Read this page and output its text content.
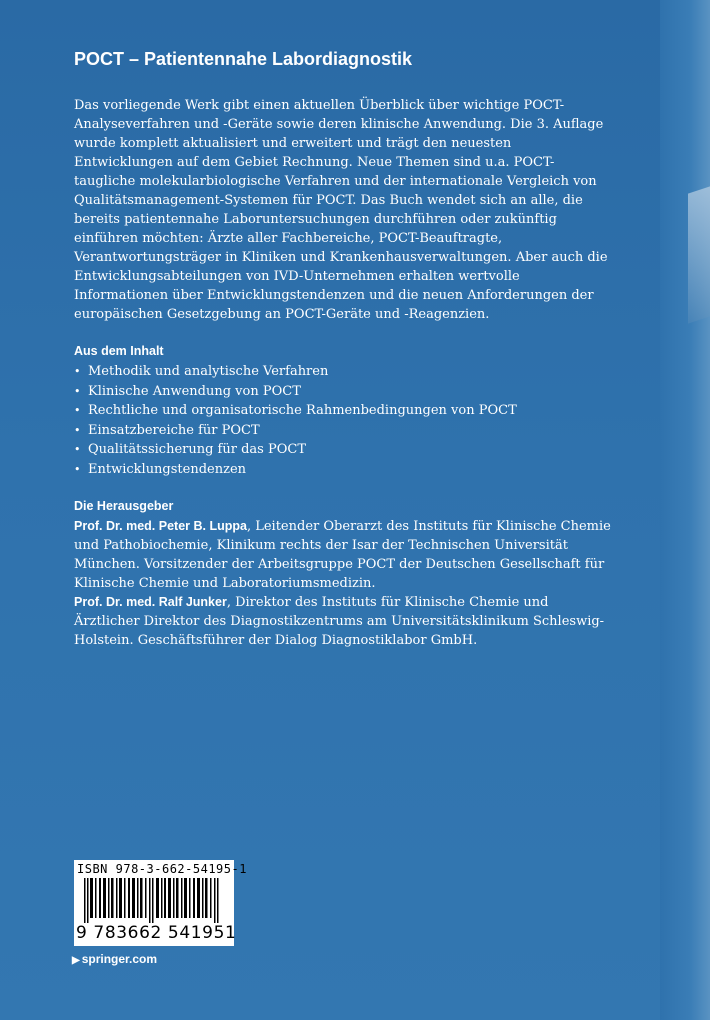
POCT – Patientennahe Labordiagnostik

Das vorliegende Werk gibt einen aktuellen Überblick über wichtige POCT-Analyseverfahren und -Geräte sowie deren klinische Anwendung. Die 3. Auflage wurde komplett aktualisiert und erweitert und trägt den neuesten Entwicklungen auf dem Gebiet Rechnung. Neue Themen sind u.a. POCT-taugliche molekularbiologische Verfahren und der internationale Vergleich von Qualitätsmanagement-Systemen für POCT. Das Buch wendet sich an alle, die bereits patientennahe Laboruntersuchungen durchführen oder zukünftig einführen möchten: Ärzte aller Fachbereiche, POCT-Beauftragte, Verantwortungsträger in Kliniken und Krankenhausverwaltungen. Aber auch die Entwicklungsabteilungen von IVD-Unternehmen erhalten wertvolle Informationen über Entwicklungstendenzen und die neuen Anforderungen der europäischen Gesetzgebung an POCT-Geräte und -Reagenzien.

Aus dem Inhalt
• Methodik und analytische Verfahren
• Klinische Anwendung von POCT
• Rechtliche und organisatorische Rahmenbedingungen von POCT
• Einsatzbereiche für POCT
• Qualitätssicherung für das POCT
• Entwicklungstendenzen
Die Herausgeber

Prof. Dr. med. Peter B. Luppa, Leitender Oberarzt des Instituts für Klinische Chemie und Pathobiochemie, Klinikum rechts der Isar der Technischen Universität München. Vorsitzender der Arbeitsgruppe POCT der Deutschen Gesellschaft für Klinische Chemie und Laboratoriumsmedizin.

Prof. Dr. med. Ralf Junker, Direktor des Instituts für Klinische Chemie und Ärztlicher Direktor des Diagnostikzentrums am Universitätsklinikum Schleswig-Holstein. Geschäftsführer der Dialog Diagnostiklabor GmbH.

ISBN 978-3-662-54195-1
9 783662 541951
▶ springer.com
